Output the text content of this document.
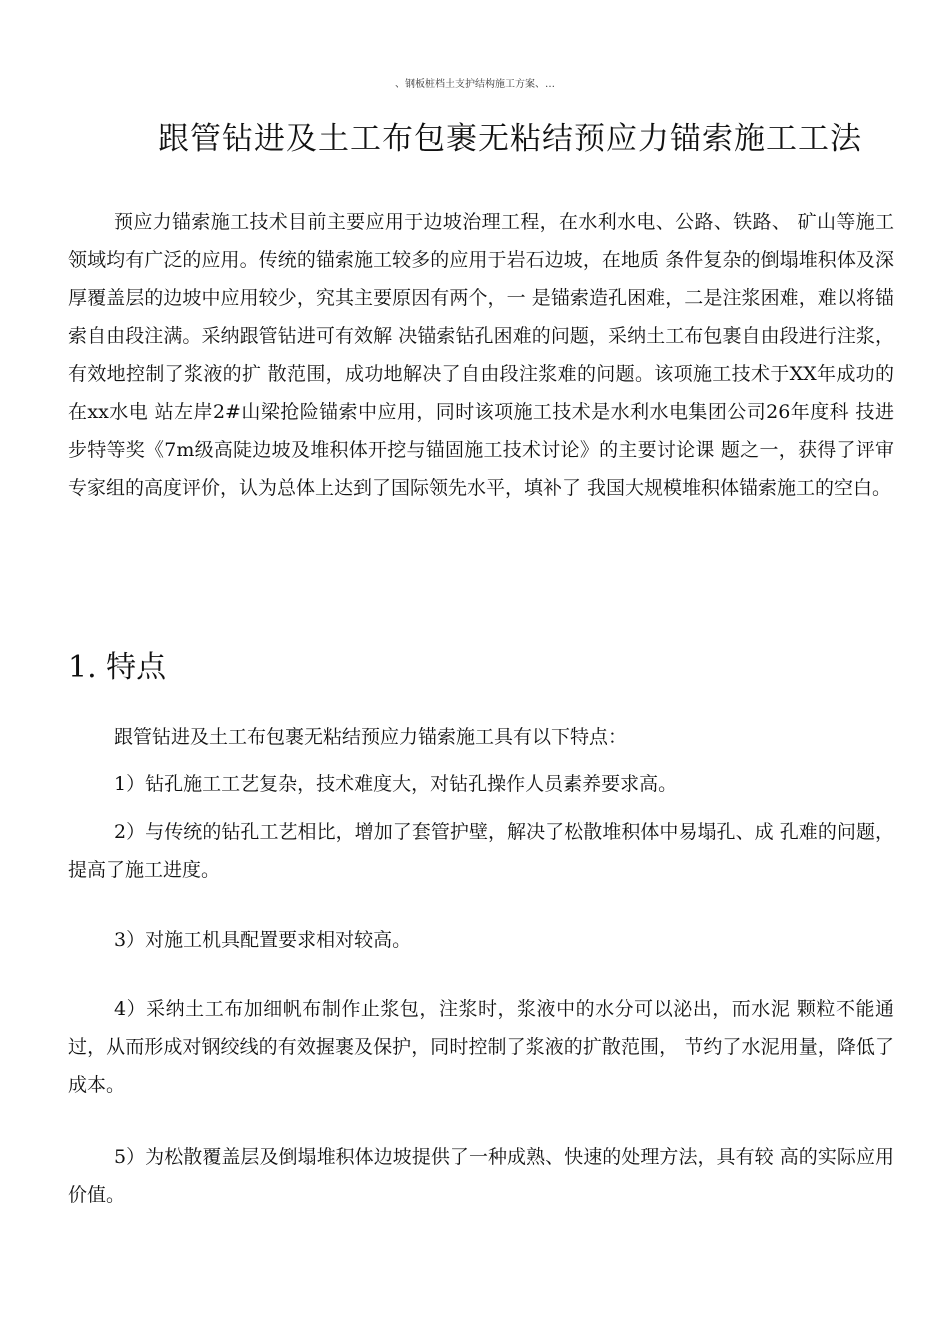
、钢板桩档土支护结构施工方案、…
跟管钻进及土工布包裹无粘结预应力锚索施工工法

预应力锚索施工技术目前主要应用于边坡治理工程，在水利水电、公路、铁路、 矿山等施工领域均有广泛的应用。传统的锚索施工较多的应用于岩石边坡，在地质 条件复杂的倒塌堆积体及深厚覆盖层的边坡中应用较少，究其主要原因有两个，一 是锚索造孔困难，二是注浆困难，难以将锚索自由段注满。采纳跟管钻进可有效解 决锚索钻孔困难的问题，采纳土工布包裹自由段进行注浆，有效地控制了浆液的扩 散范围，成功地解决了自由段注浆难的问题。该项施工技术于XX年成功的在xx水电 站左岸2#山梁抢险锚索中应用，同时该项施工技术是水利水电集团公司26年度科 技进步特等奖《7m级高陡边坡及堆积体开挖与锚固施工技术讨论》的主要讨论课 题之一，获得了评审专家组的高度评价，认为总体上达到了国际领先水平，填补了 我国大规模堆积体锚索施工的空白。

1. 特点

跟管钻进及土工布包裹无粘结预应力锚索施工具有以下特点：

1）钻孔施工工艺复杂，技术难度大，对钻孔操作人员素养要求高。

2）与传统的钻孔工艺相比，增加了套管护壁，解决了松散堆积体中易塌孔、成 孔难的问题，提高了施工进度。

3）对施工机具配置要求相对较高。

4）采纳土工布加细帆布制作止浆包，注浆时，浆液中的水分可以泌出，而水泥 颗粒不能通过，从而形成对钢绞线的有效握裹及保护，同时控制了浆液的扩散范围， 节约了水泥用量，降低了成本。

5）为松散覆盖层及倒塌堆积体边坡提供了一种成熟、快速的处理方法，具有较 高的实际应用价值。
